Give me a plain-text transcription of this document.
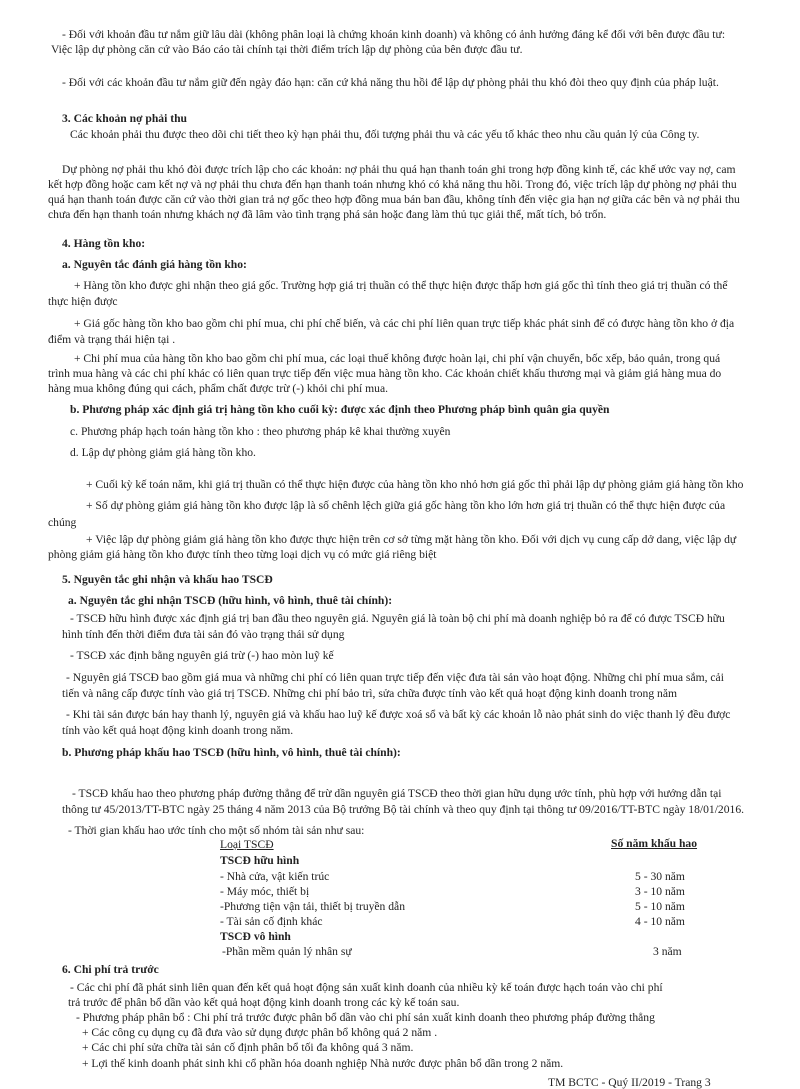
- Đối với khoản đầu tư nắm giữ lâu dài (không phân loại là chứng khoán kinh doanh) và không có ảnh hưởng đáng kể đối với bên được đầu tư:
Việc lập dự phòng căn cứ vào Báo cáo tài chính tại thời điểm trích lập dự phòng của bên được đầu tư.
- Đối với các khoản đầu tư nắm giữ đến ngày đáo hạn: căn cứ khả năng thu hồi để lập dự phòng phải thu khó đòi theo quy định của pháp luật.
3. Các khoản nợ phải thu
Các khoản phải thu được theo dõi chi tiết theo kỳ hạn phải thu, đối tượng phải thu và các yếu tố khác theo nhu cầu quản lý của Công ty.
Dự phòng nợ phải thu khó đòi được trích lập cho các khoản: nợ phải thu quá hạn thanh toán ghi trong hợp đồng kinh tế, các khế ước vay nợ, cam
kết hợp đồng hoặc cam kết nợ và nợ phải thu chưa đến hạn thanh toán nhưng khó có khả năng thu hồi. Trong đó, việc trích lập dự phòng nợ phải thu
quá hạn thanh toán được căn cứ vào thời gian trả nợ gốc theo hợp đồng mua bán ban đầu, không tính đến việc gia hạn nợ giữa các bên và nợ phải thu
chưa đến hạn thanh toán nhưng khách nợ đã lâm vào tình trạng phá sản hoặc đang làm thủ tục giải thể, mất tích, bỏ trốn.
4. Hàng tồn kho:
a. Nguyên tắc đánh giá hàng tồn kho:
+ Hàng tồn kho được ghi nhận theo giá gốc. Trường hợp giá trị thuần có thể thực hiện được thấp hơn giá gốc thì tính theo giá trị thuần có thể
thực hiện được
+ Giá gốc hàng tồn kho bao gồm chi phí mua, chi phí chế biến, và các chi phí liên quan trực tiếp khác phát sinh để có được hàng tồn kho ở địa
điểm và trạng thái hiện tại .
+ Chi phí mua của hàng tồn kho bao gồm chi phí mua, các loại thuế không được hoàn lại, chi phí vận chuyển, bốc xếp, bảo quản, trong quá
trình mua hàng và các chi phí khác có liên quan trực tiếp đến việc mua hàng tồn kho. Các khoản chiết khấu thương mại và giảm giá hàng mua do
hàng mua không đúng qui cách, phẩm chất được trừ (-) khỏi chi phí mua.
b. Phương pháp xác định giá trị hàng tồn kho cuối kỳ: được xác định theo Phương pháp bình quân gia quyền
c. Phương pháp hạch toán hàng tồn kho : theo phương pháp kê khai thường xuyên
d. Lập dự phòng giảm giá hàng tồn kho.
+ Cuối kỳ kế toán năm, khi giá trị thuần có thể thực hiện được của hàng tồn kho nhỏ hơn giá gốc thì phải lập dự phòng giảm giá hàng tồn kho
+ Số dự phòng giảm giá hàng tồn kho được lập là số chênh lệch giữa giá gốc hàng tồn kho lớn hơn giá trị thuần có thể thực hiện được của
chúng
+ Việc lập dự phòng giảm giá hàng tồn kho được thực hiện trên cơ sở từng mặt hàng tồn kho. Đối với dịch vụ cung cấp dở dang, việc lập dự
phòng giảm giá hàng tồn kho được tính theo từng loại dịch vụ có mức giá riêng biệt
5. Nguyên tắc ghi nhận và khấu hao TSCĐ
a. Nguyên tắc ghi nhận TSCĐ (hữu hình, vô hình, thuê tài chính):
- TSCĐ hữu hình được xác định giá trị ban đầu theo nguyên giá. Nguyên giá là toàn bộ chi phí mà doanh nghiệp bỏ ra để có được TSCĐ hữu
hình tính đến thời điểm đưa tài sản đó vào trạng thái sử dụng
- TSCĐ xác định bằng nguyên giá trừ (-) hao mòn luỹ kế
- Nguyên giá TSCĐ bao gồm giá mua và những chi phí có liên quan trực tiếp đến việc đưa tài sản vào hoạt động. Những chi phí mua sắm, cải
tiến và nâng cấp được tính vào giá trị TSCĐ. Những chi phí bảo trì, sửa chữa được tính vào kết quả hoạt động kinh doanh trong năm
- Khi tài sản được bán hay thanh lý, nguyên giá và khấu hao luỹ kế được xoá sổ và bất kỳ các khoản lỗ nào phát sinh do việc thanh lý đều được
tính vào kết quả hoạt động kinh doanh trong năm.
b. Phương pháp khấu hao TSCĐ (hữu hình, vô hình, thuê tài chính):
- TSCĐ khấu hao theo phương pháp đường thẳng để trừ dần nguyên giá TSCĐ theo thời gian hữu dụng ước tính, phù hợp với hướng dẫn tại
thông tư 45/2013/TT-BTC ngày 25 tháng 4 năm 2013 của Bộ trưởng Bộ tài chính và theo quy định tại thông tư 09/2016/TT-BTC ngày 18/01/2016.
- Thời gian khấu hao ước tính cho một số nhóm tài sản như sau:
Loại TSCĐ	Số năm khấu hao
TSCĐ hữu hình
- Nhà cửa, vật kiến trúc	5 - 30 năm
- Máy móc, thiết bị	3 - 10 năm
-Phương tiện vận tải, thiết bị truyền dẫn	5 - 10 năm
- Tài sản cố định khác	4 - 10 năm
TSCĐ vô hình
-Phần mềm quản lý nhân sự	3 năm
6. Chi phí trả trước
- Các chi phí đã phát sinh liên quan đến kết quả hoạt động sản xuất kinh doanh của nhiều kỳ kế toán được hạch toán vào chi phí
trả trước để phân bổ dần vào kết quả hoạt động kinh doanh trong các kỳ kế toán sau.
- Phương pháp phân bổ : Chi phí trả trước được phân bổ dần vào chi phí sản xuất kinh doanh theo phương pháp đường thẳng
+ Các công cụ dụng cụ đã đưa vào sử dụng được phân bổ không quá 2 năm .
+ Các chi phí sửa chữa tài sản cố định phân bổ tối đa không quá 3 năm.
+ Lợi thế kinh doanh phát sinh khi cổ phần hóa doanh nghiệp Nhà nước được phân bổ dần trong 2 năm.
TM BCTC - Quý II/2019 - Trang 3
